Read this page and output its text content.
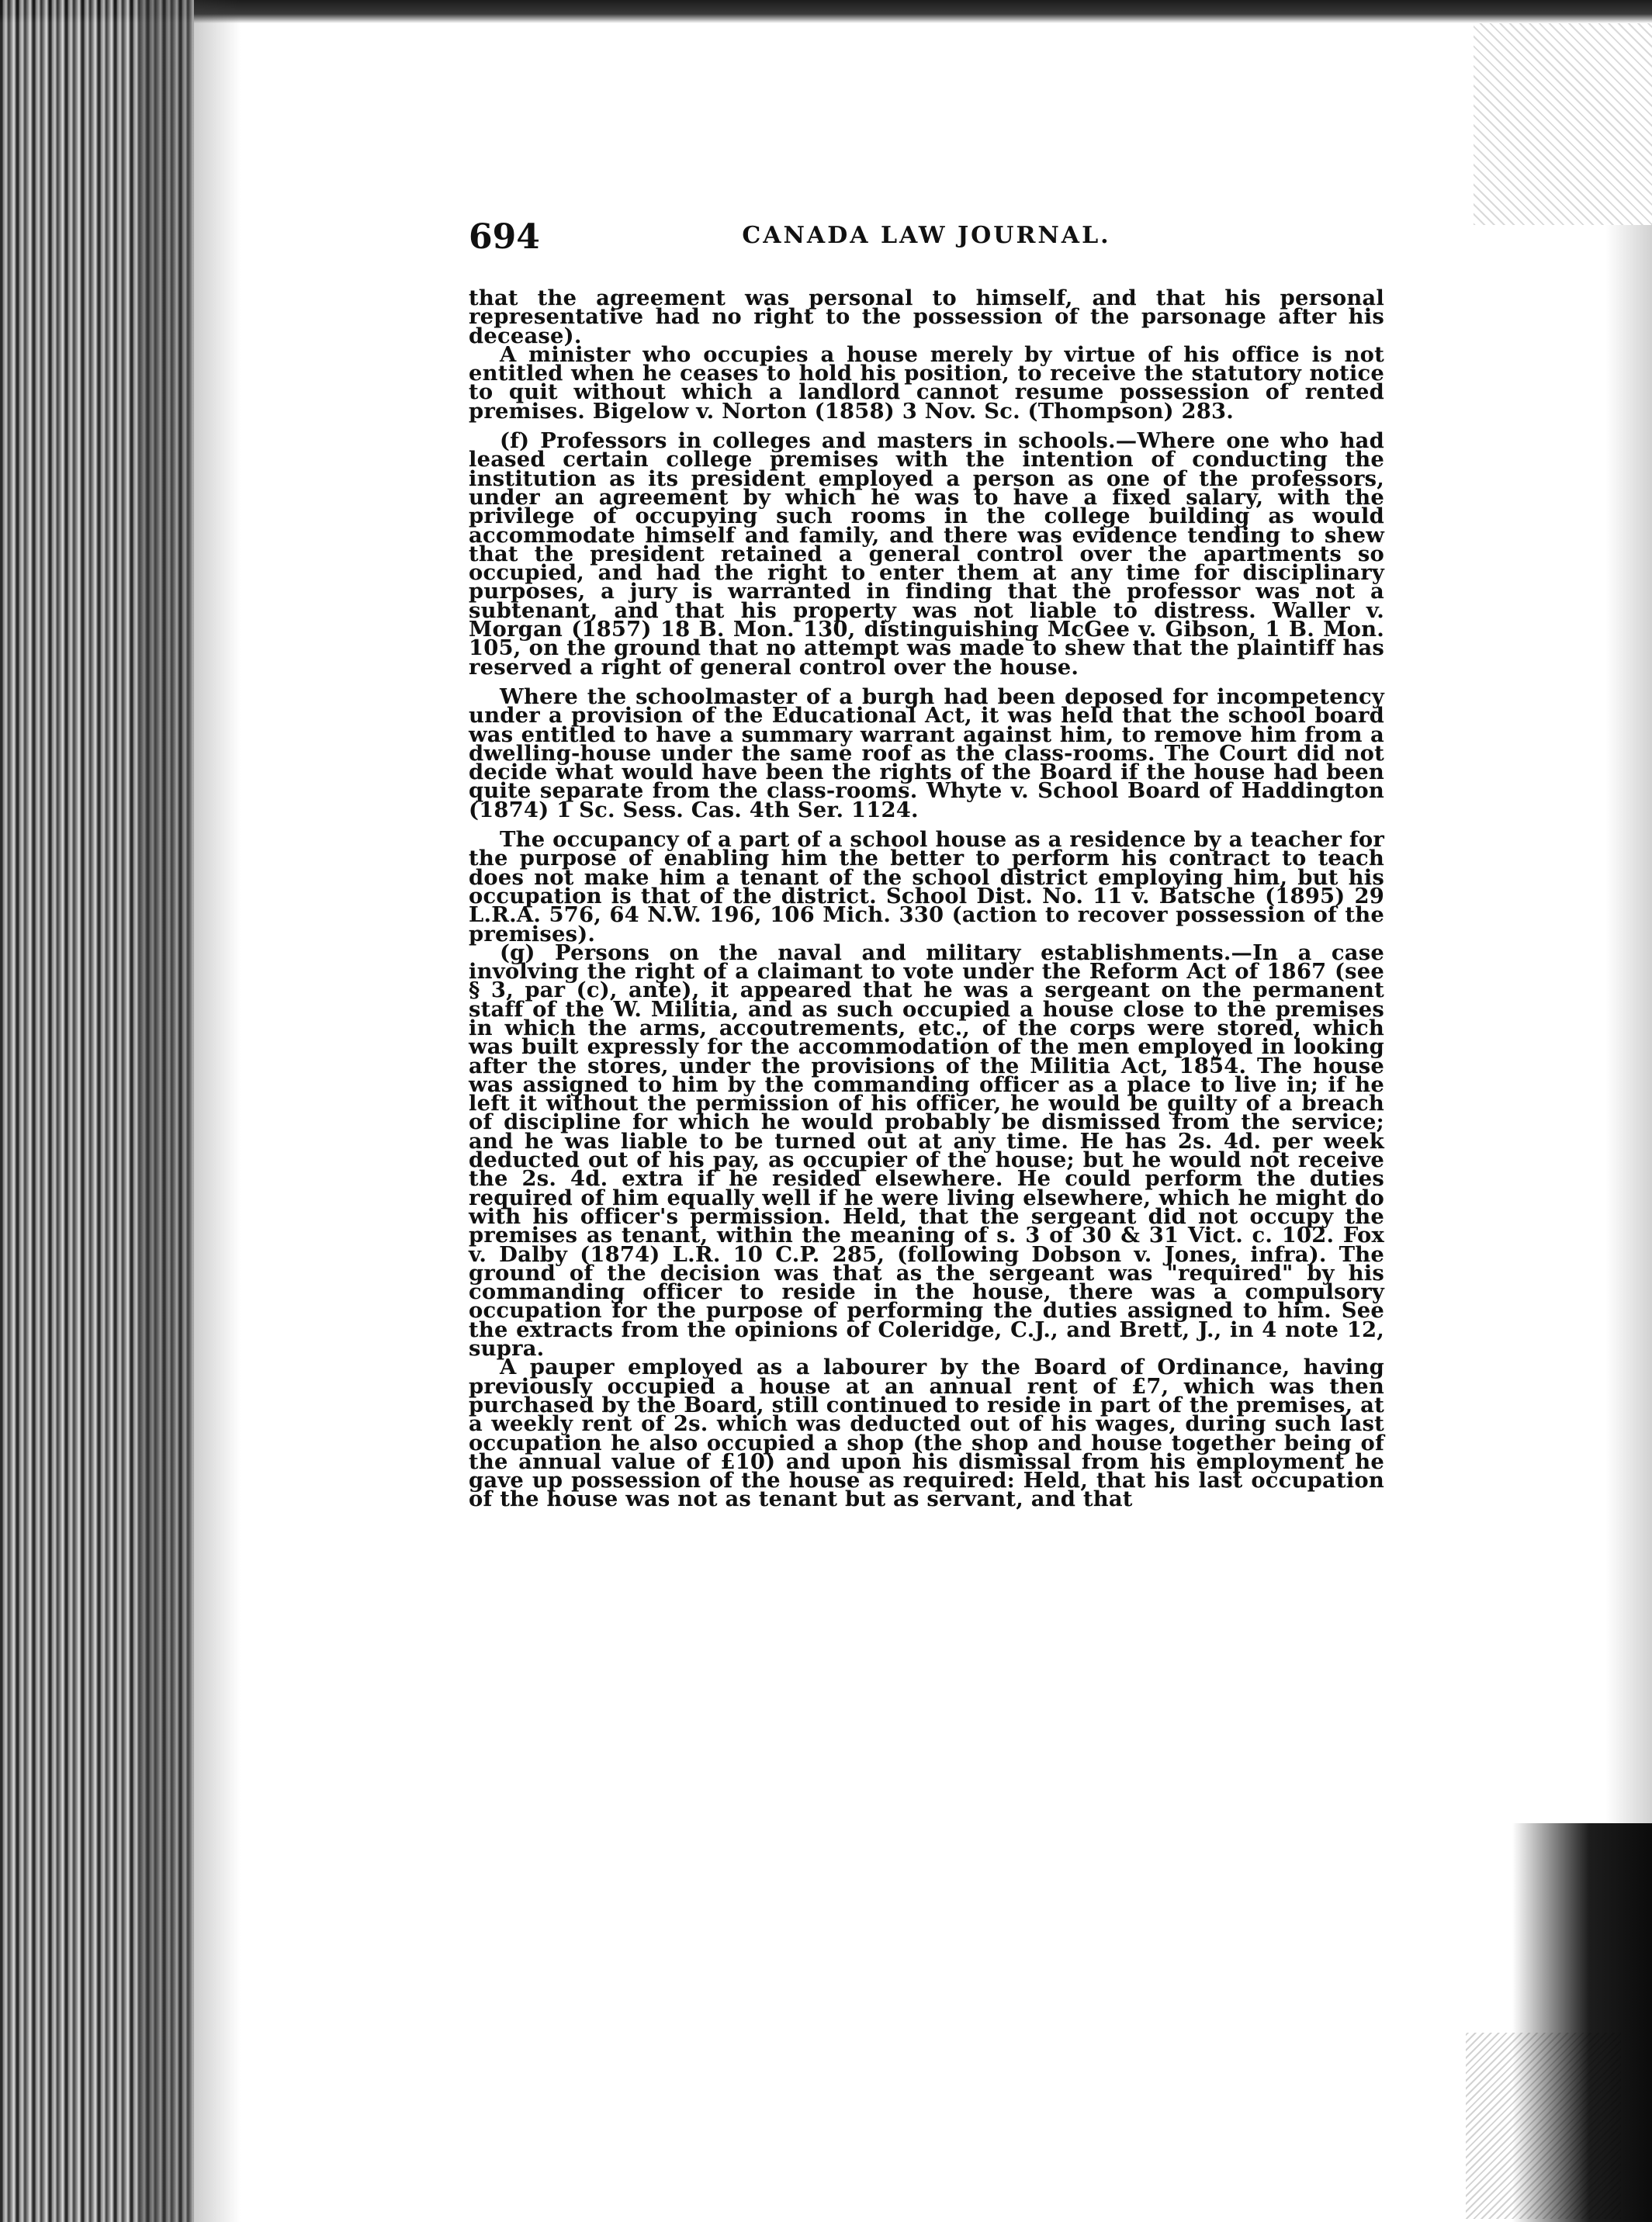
694	CANADA LAW JOURNAL.

that the agreement was personal to himself, and that his personal representative had no right to the possession of the parsonage after his decease).

A minister who occupies a house merely by virtue of his office is not entitled when he ceases to hold his position, to receive the statutory notice to quit without which a landlord cannot resume possession of rented premises. Bigelow v. Norton (1858) 3 Nov. Sc. (Thompson) 283.

(f) Professors in colleges and masters in schools.—Where one who had leased certain college premises with the intention of conducting the institution as its president employed a person as one of the professors, under an agreement by which he was to have a fixed salary, with the privilege of occupying such rooms in the college building as would accommodate himself and family, and there was evidence tending to shew that the president retained a general control over the apartments so occupied, and had the right to enter them at any time for disciplinary purposes, a jury is warranted in finding that the professor was not a subtenant, and that his property was not liable to distress. Waller v. Morgan (1857) 18 B. Mon. 130, distinguishing McGee v. Gibson, 1 B. Mon. 105, on the ground that no attempt was made to shew that the plaintiff has reserved a right of general control over the house.

Where the schoolmaster of a burgh had been deposed for incompetency under a provision of the Educational Act, it was held that the school board was entitled to have a summary warrant against him, to remove him from a dwelling-house under the same roof as the class-rooms. The Court did not decide what would have been the rights of the Board if the house had been quite separate from the class-rooms. Whyte v. School Board of Haddington (1874) 1 Sc. Sess. Cas. 4th Ser. 1124.

The occupancy of a part of a school house as a residence by a teacher for the purpose of enabling him the better to perform his contract to teach does not make him a tenant of the school district employing him, but his occupation is that of the district. School Dist. No. 11 v. Batsche (1895) 29 L.R.A. 576, 64 N.W. 196, 106 Mich. 330 (action to recover possession of the premises).

(g) Persons on the naval and military establishments.—In a case involving the right of a claimant to vote under the Reform Act of 1867 (see § 3, par (c), ante), it appeared that he was a sergeant on the permanent staff of the W. Militia, and as such occupied a house close to the premises in which the arms, accoutrements, etc., of the corps were stored, which was built expressly for the accommodation of the men employed in looking after the stores, under the provisions of the Militia Act, 1854. The house was assigned to him by the commanding officer as a place to live in; if he left it without the permission of his officer, he would be guilty of a breach of discipline for which he would probably be dismissed from the service; and he was liable to be turned out at any time. He has 2s. 4d. per week deducted out of his pay, as occupier of the house; but he would not receive the 2s. 4d. extra if he resided elsewhere. He could perform the duties required of him equally well if he were living elsewhere, which he might do with his officer's permission. Held, that the sergeant did not occupy the premises as tenant, within the meaning of s. 3 of 30 & 31 Vict. c. 102. Fox v. Dalby (1874) L.R. 10 C.P. 285, (following Dobson v. Jones, infra). The ground of the decision was that as the sergeant was "required" by his commanding officer to reside in the house, there was a compulsory occupation for the purpose of performing the duties assigned to him. See the extracts from the opinions of Coleridge, C.J., and Brett, J., in 4 note 12, supra.

A pauper employed as a labourer by the Board of Ordinance, having previously occupied a house at an annual rent of £7, which was then purchased by the Board, still continued to reside in part of the premises, at a weekly rent of 2s. which was deducted out of his wages, during such last occupation he also occupied a shop (the shop and house together being of the annual value of £10) and upon his dismissal from his employment he gave up possession of the house as required: Held, that his last occupation of the house was not as tenant but as servant, and that
